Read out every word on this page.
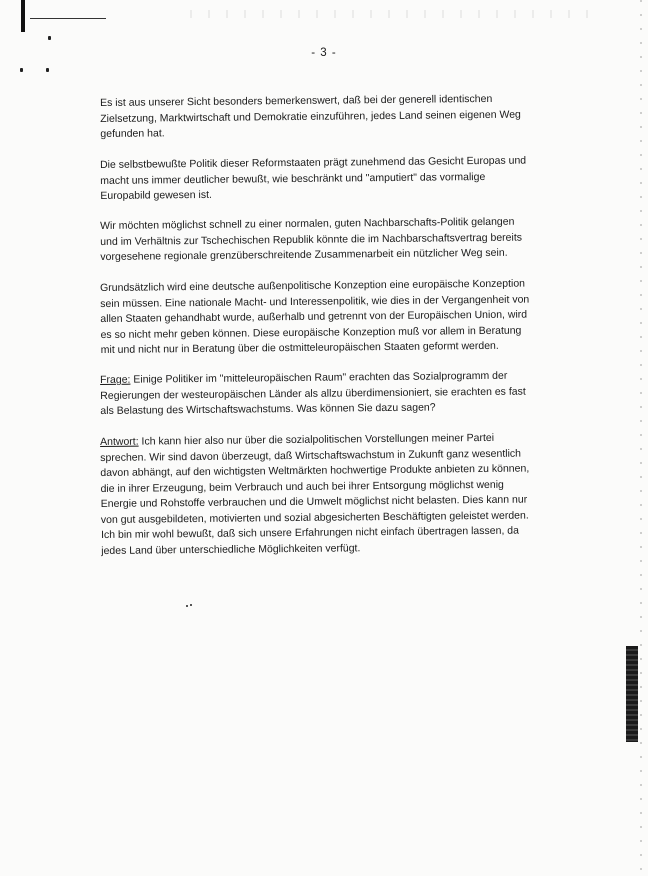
- 3 -

Es ist aus unserer Sicht besonders bemerkenswert, daß bei der generell identischen Zielsetzung, Marktwirtschaft und Demokratie einzuführen, jedes Land seinen eigenen Weg gefunden hat.

Die selbstbewußte Politik dieser Reformstaaten prägt zunehmend das Gesicht Europas und macht uns immer deutlicher bewußt, wie beschränkt und "amputiert" das vormalige Europabild gewesen ist.

Wir möchten möglichst schnell zu einer normalen, guten Nachbarschafts-Politik gelangen und im Verhältnis zur Tschechischen Republik könnte die im Nachbarschaftsvertrag bereits vorgesehene regionale grenzüberschreitende Zusammenarbeit ein nützlicher Weg sein.

Grundsätzlich wird eine deutsche außenpolitische Konzeption eine europäische Konzeption sein müssen. Eine nationale Macht- und Interessenpolitik, wie dies in der Vergangenheit von allen Staaten gehandhabt wurde, außerhalb und getrennt von der Europäischen Union, wird es so nicht mehr geben können. Diese europäische Konzeption muß vor allem in Beratung mit und nicht nur in Beratung über die ostmitteleuropäischen Staaten geformt werden.

Frage: Einige Politiker im "mitteleuropäischen Raum" erachten das Sozialprogramm der Regierungen der westeuropäischen Länder als allzu überdimensioniert, sie erachten es fast als Belastung des Wirtschaftswachstums. Was können Sie dazu sagen?

Antwort: Ich kann hier also nur über die sozialpolitischen Vorstellungen meiner Partei sprechen. Wir sind davon überzeugt, daß Wirtschaftswachstum in Zukunft ganz wesentlich davon abhängt, auf den wichtigsten Weltmärkten hochwertige Produkte anbieten zu können, die in ihrer Erzeugung, beim Verbrauch und auch bei ihrer Entsorgung möglichst wenig Energie und Rohstoffe verbrauchen und die Umwelt möglichst nicht belasten. Dies kann nur von gut ausgebildeten, motivierten und sozial abgesicherten Beschäftigten geleistet werden. Ich bin mir wohl bewußt, daß sich unsere Erfahrungen nicht einfach übertragen lassen, da jedes Land über unterschiedliche Möglichkeiten verfügt.
